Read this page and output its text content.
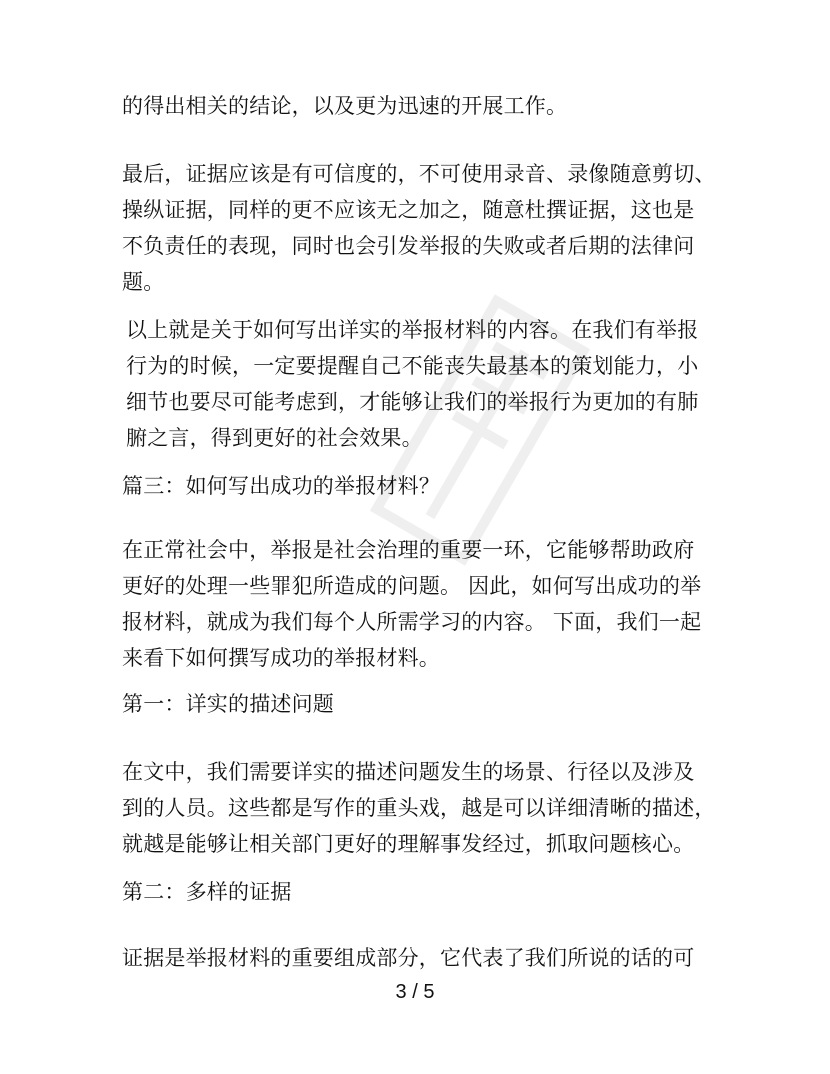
的得出相关的结论，以及更为迅速的开展工作。
最后，证据应该是有可信度的，不可使用录音、录像随意剪切、
操纵证据，同样的更不应该无之加之，随意杜撰证据，这也是
不负责任的表现，同时也会引发举报的失败或者后期的法律问
题。
以上就是关于如何写出详实的举报材料的内容。在我们有举报
行为的时候，一定要提醒自己不能丧失最基本的策划能力，小
细节也要尽可能考虑到，才能够让我们的举报行为更加的有肺
腑之言，得到更好的社会效果。
篇三：如何写出成功的举报材料？
在正常社会中，举报是社会治理的重要一环，它能够帮助政府
更好的处理一些罪犯所造成的问题。 因此，如何写出成功的举
报材料，就成为我们每个人所需学习的内容。 下面，我们一起
来看下如何撰写成功的举报材料。
第一：详实的描述问题
在文中，我们需要详实的描述问题发生的场景、行径以及涉及
到的人员。这些都是写作的重头戏，越是可以详细清晰的描述，
就越是能够让相关部门更好的理解事发经过，抓取问题核心。
第二：多样的证据
证据是举报材料的重要组成部分，它代表了我们所说的话的可
3 / 5
